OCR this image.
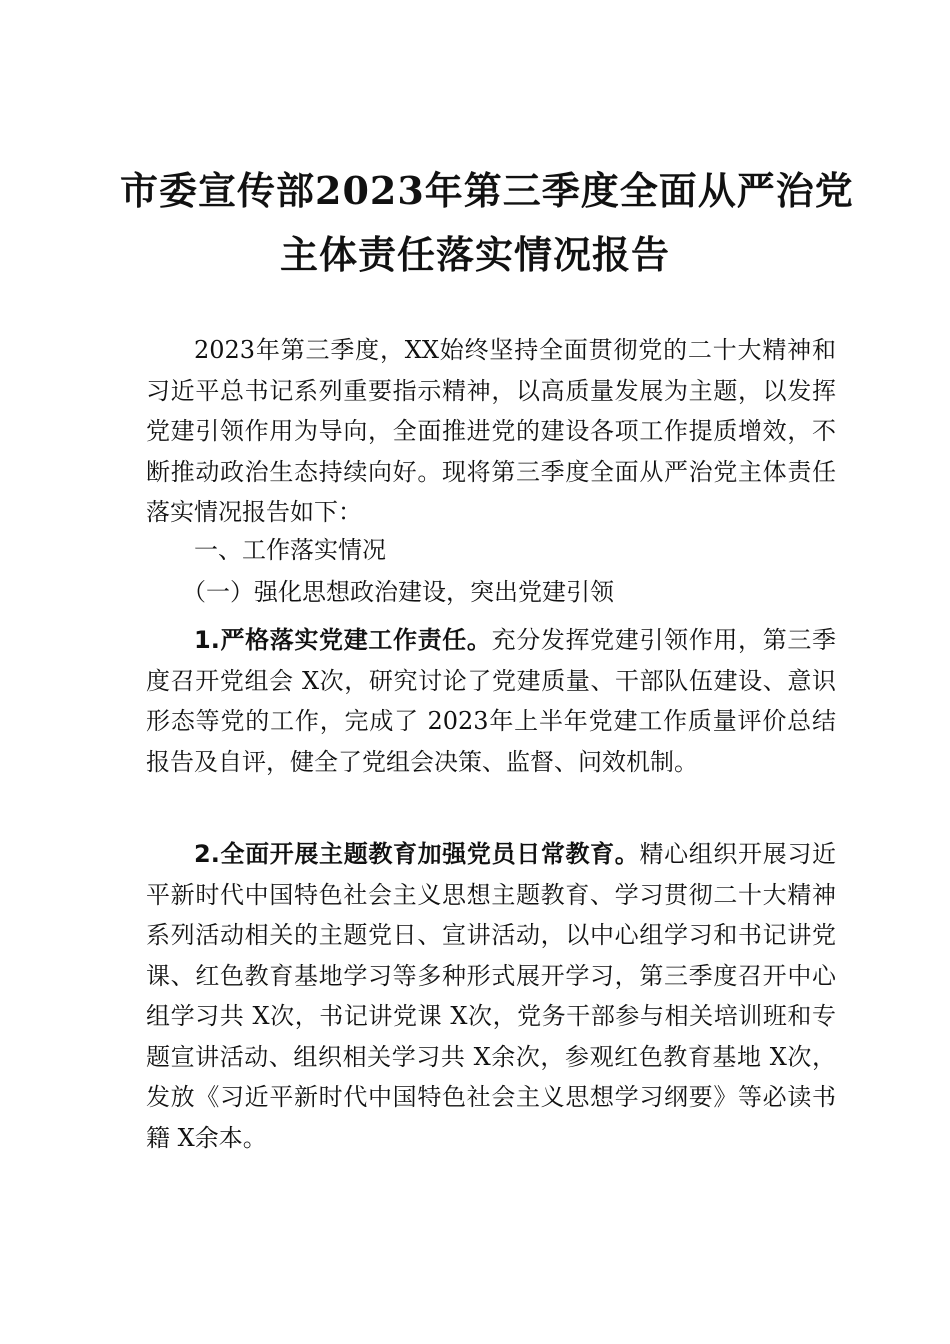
市委宣传部2023年第三季度全面从严治党
主体责任落实情况报告

2023年第三季度，XX始终坚持全面贯彻党的二十大精神和习近平总书记系列重要指示精神，以高质量发展为主题，以发挥党建引领作用为导向，全面推进党的建设各项工作提质增效，不断推动政治生态持续向好。现将第三季度全面从严治党主体责任落实情况报告如下：

一、工作落实情况

（一）强化思想政治建设，突出党建引领

1.严格落实党建工作责任。充分发挥党建引领作用，第三季度召开党组会 X次，研究讨论了党建质量、干部队伍建设、意识形态等党的工作，完成了 2023年上半年党建工作质量评价总结报告及自评，健全了党组会决策、监督、问效机制。

2.全面开展主题教育加强党员日常教育。精心组织开展习近平新时代中国特色社会主义思想主题教育、学习贯彻二十大精神系列活动相关的主题党日、宣讲活动，以中心组学习和书记讲党课、红色教育基地学习等多种形式展开学习，第三季度召开中心组学习共 X次，书记讲党课 X次，党务干部参与相关培训班和专题宣讲活动、组织相关学习共 X余次，参观红色教育基地 X次，发放《习近平新时代中国特色社会主义思想学习纲要》等必读书籍 X余本。
